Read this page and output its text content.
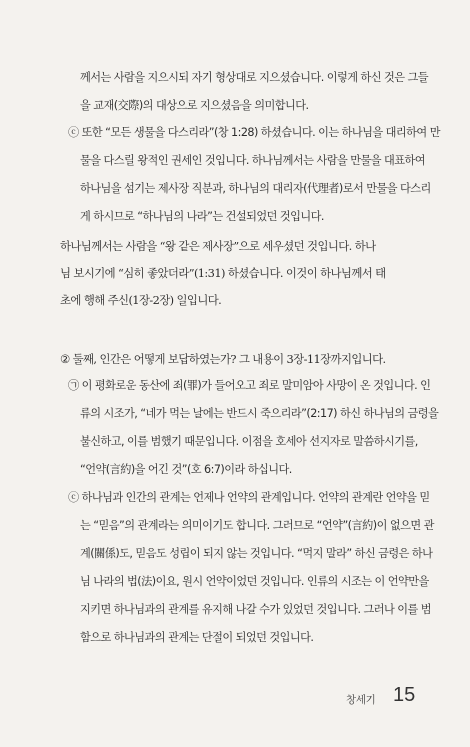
께서는 사람을 지으시되 자기 형상대로 지으셨습니다. 이렇게 하신 것은 그들
을 교재(交際)의 대상으로 지으셨음을 의미합니다.
ⓒ 또한 “모든 생물을 다스리라”(창 1:28) 하셨습니다. 이는 하나님을 대리하여 만
물을 다스릴 왕적인 권세인 것입니다. 하나님께서는 사람을 만물을 대표하여
하나님을 섬기는 제사장 직분과, 하나님의 대리자(代理者)로서 만물을 다스리
게 하시므로 “하나님의 나라”는 건설되었던 것입니다.
하나님께서는 사람을 “왕 같은 제사장”으로 세우셨던 것입니다. 하나
님 보시기에 “심히 좋았더라”(1:31) 하셨습니다. 이것이 하나님께서 태
초에 행해 주신(1장-2장) 일입니다.
② 둘째, 인간은 어떻게 보답하였는가? 그 내용이 3장-11장까지입니다.
㉠ 이 평화로운 동산에 죄(罪)가 들어오고 죄로 말미암아 사망이 온 것입니다. 인
류의 시조가, “네가 먹는 날에는 반드시 죽으리라”(2:17) 하신 하나님의 금령을
불신하고, 이를 범했기 때문입니다. 이점을 호세아 선지자로 말씀하시기를,
“언약(言約)을 어긴 것”(호 6:7)이라 하십니다.
ⓒ 하나님과 인간의 관계는 언제나 언약의 관계입니다. 언약의 관계란 언약을 믿
는 “믿음”의 관계라는 의미이기도 합니다. 그러므로 “언약”(言約)이 없으면 관
계(關係)도, 믿음도 성립이 되지 않는 것입니다. “먹지 말라” 하신 금령은 하나
님 나라의 법(法)이요, 원시 언약이었던 것입니다. 인류의 시조는 이 언약만을
지키면 하나님과의 관계를 유지해 나갈 수가 있었던 것입니다. 그러나 이를 범
함으로 하나님과의 관계는 단절이 되었던 것입니다.
창세기 15
